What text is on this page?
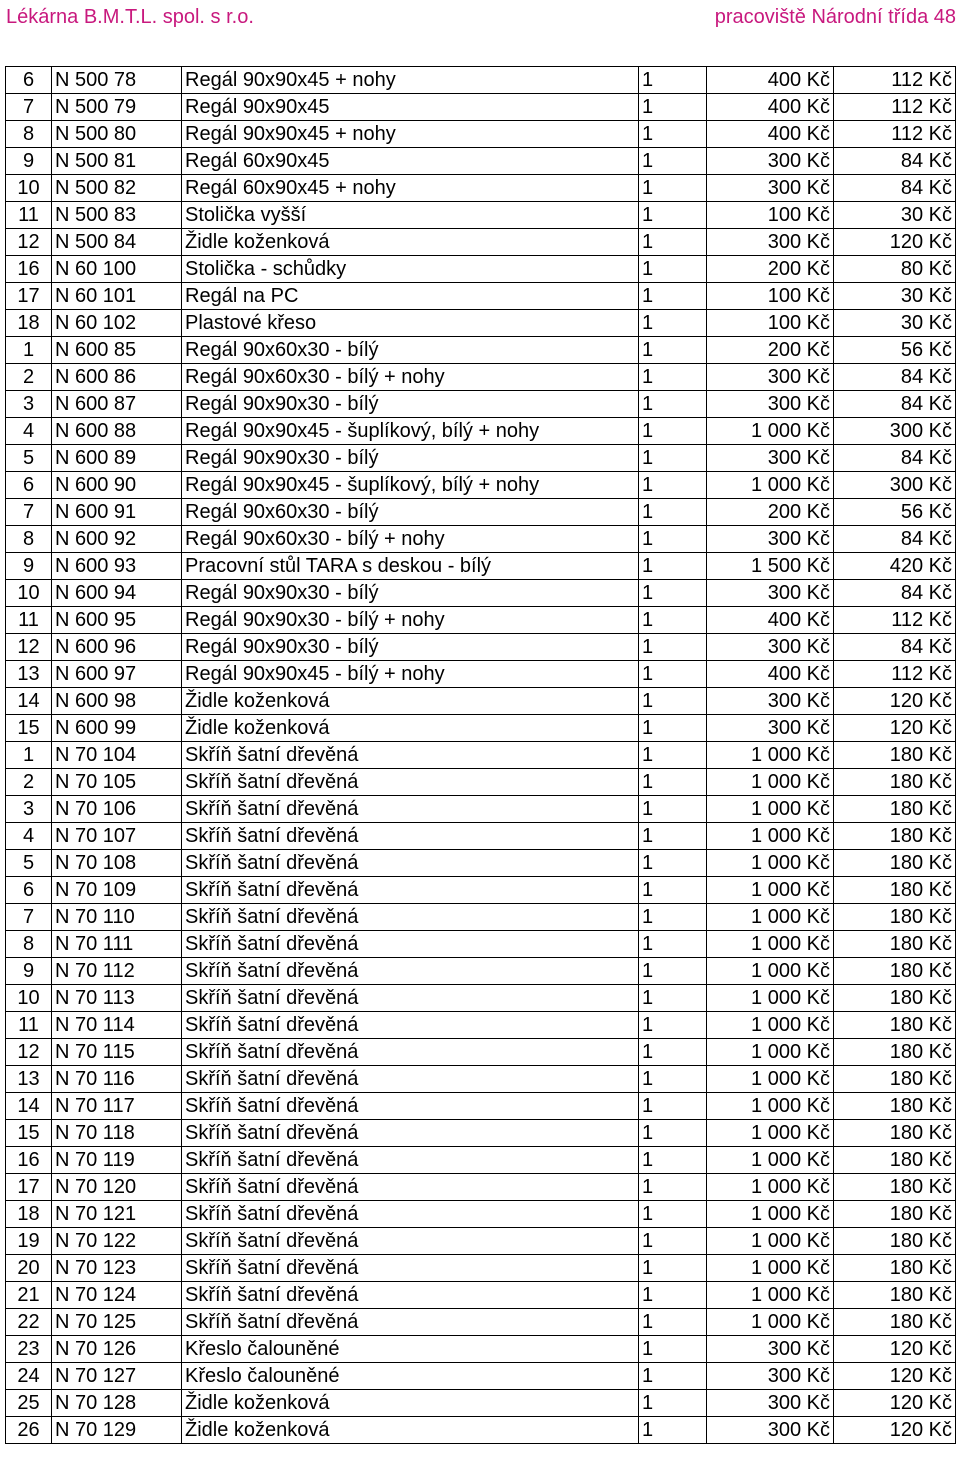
Lékárna B.M.T.L. spol. s r.o.	pracoviště Národní třída 48
6	N 500 78	Regál 90x90x45 + nohy	1	400 Kč	112 Kč
7	N 500 79	Regál 90x90x45	1	400 Kč	112 Kč
8	N 500 80	Regál 90x90x45 + nohy	1	400 Kč	112 Kč
9	N 500 81	Regál 60x90x45	1	300 Kč	84 Kč
10	N 500 82	Regál 60x90x45 + nohy	1	300 Kč	84 Kč
11	N 500 83	Stolička vyšší	1	100 Kč	30 Kč
12	N 500 84	Židle koženková	1	300 Kč	120 Kč
16	N 60 100	Stolička - schůdky	1	200 Kč	80 Kč
17	N 60 101	Regál na PC	1	100 Kč	30 Kč
18	N 60 102	Plastové křeso	1	100 Kč	30 Kč
1	N 600 85	Regál 90x60x30 - bílý	1	200 Kč	56 Kč
2	N 600 86	Regál 90x60x30 - bílý + nohy	1	300 Kč	84 Kč
3	N 600 87	Regál 90x90x30 - bílý	1	300 Kč	84 Kč
4	N 600 88	Regál 90x90x45 - šuplíkový, bílý + nohy	1	1 000 Kč	300 Kč
5	N 600 89	Regál 90x90x30 - bílý	1	300 Kč	84 Kč
6	N 600 90	Regál 90x90x45 - šuplíkový, bílý + nohy	1	1 000 Kč	300 Kč
7	N 600 91	Regál 90x60x30 - bílý	1	200 Kč	56 Kč
8	N 600 92	Regál 90x60x30 - bílý + nohy	1	300 Kč	84 Kč
9	N 600 93	Pracovní stůl TARA s deskou - bílý	1	1 500 Kč	420 Kč
10	N 600 94	Regál 90x90x30 - bílý	1	300 Kč	84 Kč
11	N 600 95	Regál 90x90x30 - bílý + nohy	1	400 Kč	112 Kč
12	N 600 96	Regál 90x90x30 - bílý	1	300 Kč	84 Kč
13	N 600 97	Regál 90x90x45 - bílý + nohy	1	400 Kč	112 Kč
14	N 600 98	Židle koženková	1	300 Kč	120 Kč
15	N 600 99	Židle koženková	1	300 Kč	120 Kč
1	N 70 104	Skříň šatní dřevěná	1	1 000 Kč	180 Kč
2	N 70 105	Skříň šatní dřevěná	1	1 000 Kč	180 Kč
3	N 70 106	Skříň šatní dřevěná	1	1 000 Kč	180 Kč
4	N 70 107	Skříň šatní dřevěná	1	1 000 Kč	180 Kč
5	N 70 108	Skříň šatní dřevěná	1	1 000 Kč	180 Kč
6	N 70 109	Skříň šatní dřevěná	1	1 000 Kč	180 Kč
7	N 70 110	Skříň šatní dřevěná	1	1 000 Kč	180 Kč
8	N 70 111	Skříň šatní dřevěná	1	1 000 Kč	180 Kč
9	N 70 112	Skříň šatní dřevěná	1	1 000 Kč	180 Kč
10	N 70 113	Skříň šatní dřevěná	1	1 000 Kč	180 Kč
11	N 70 114	Skříň šatní dřevěná	1	1 000 Kč	180 Kč
12	N 70 115	Skříň šatní dřevěná	1	1 000 Kč	180 Kč
13	N 70 116	Skříň šatní dřevěná	1	1 000 Kč	180 Kč
14	N 70 117	Skříň šatní dřevěná	1	1 000 Kč	180 Kč
15	N 70 118	Skříň šatní dřevěná	1	1 000 Kč	180 Kč
16	N 70 119	Skříň šatní dřevěná	1	1 000 Kč	180 Kč
17	N 70 120	Skříň šatní dřevěná	1	1 000 Kč	180 Kč
18	N 70 121	Skříň šatní dřevěná	1	1 000 Kč	180 Kč
19	N 70 122	Skříň šatní dřevěná	1	1 000 Kč	180 Kč
20	N 70 123	Skříň šatní dřevěná	1	1 000 Kč	180 Kč
21	N 70 124	Skříň šatní dřevěná	1	1 000 Kč	180 Kč
22	N 70 125	Skříň šatní dřevěná	1	1 000 Kč	180 Kč
23	N 70 126	Křeslo čalouněné	1	300 Kč	120 Kč
24	N 70 127	Křeslo čalouněné	1	300 Kč	120 Kč
25	N 70 128	Židle koženková	1	300 Kč	120 Kč
26	N 70 129	Židle koženková	1	300 Kč	120 Kč
